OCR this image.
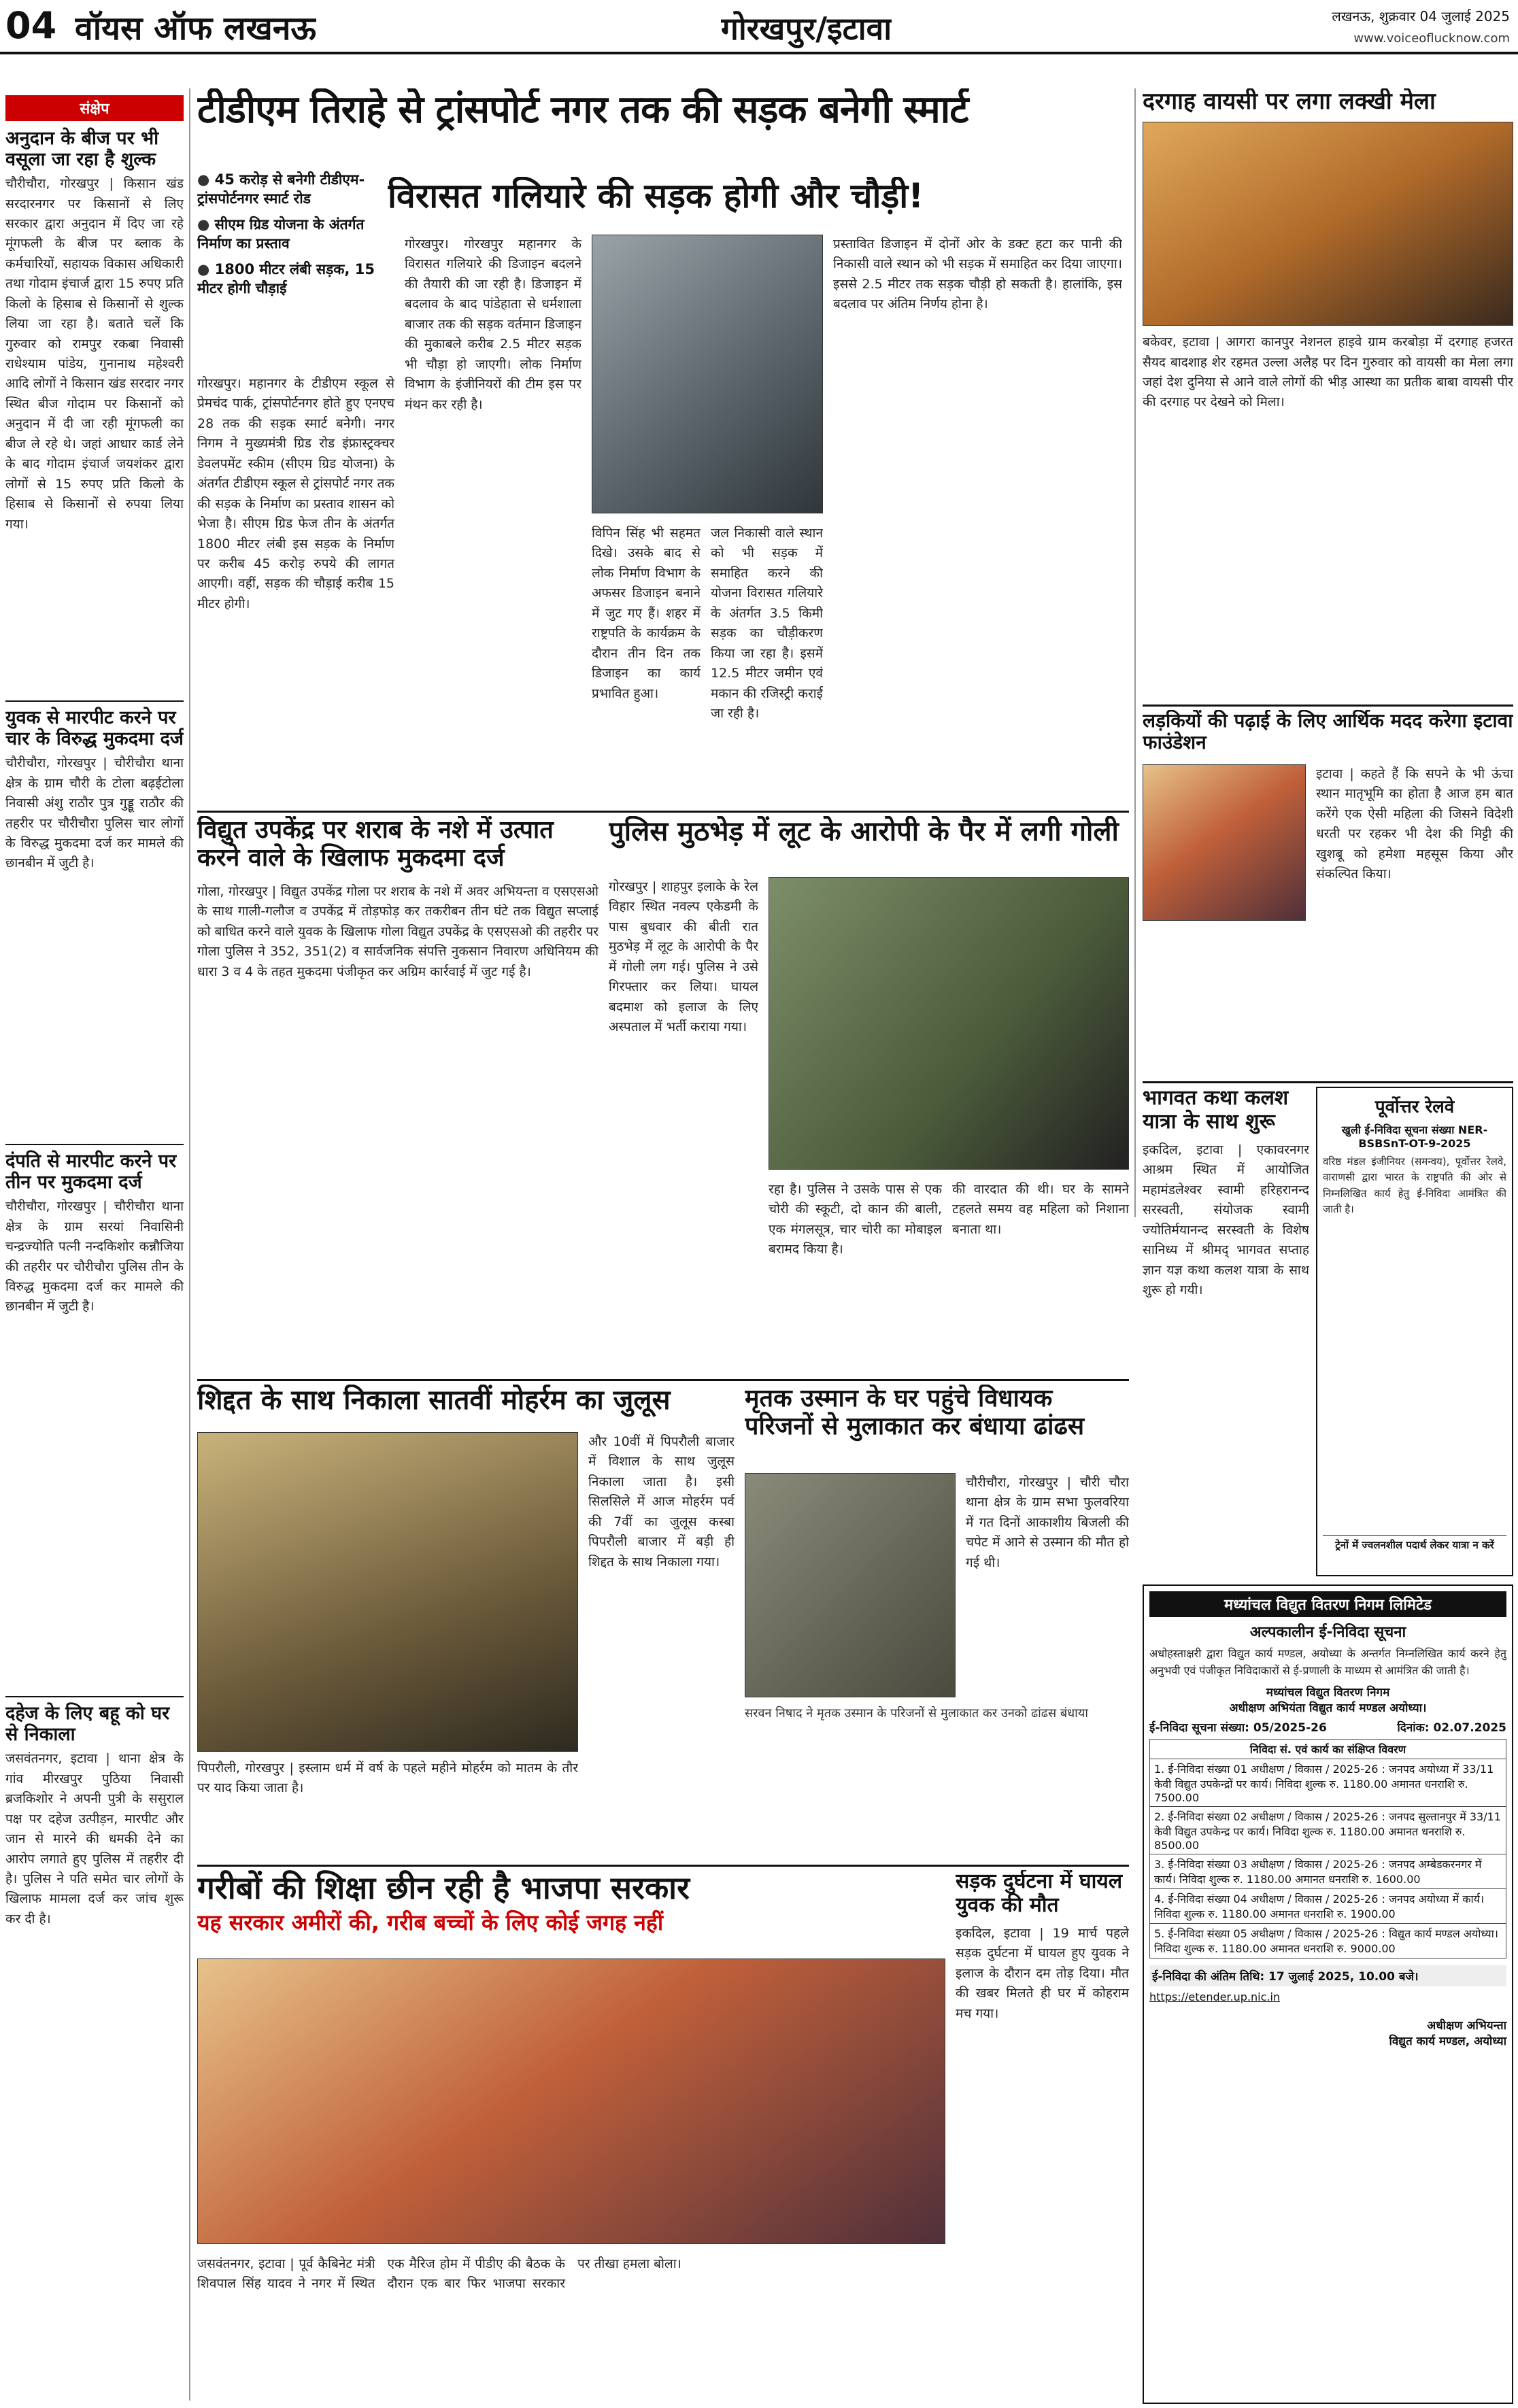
04 वॉयस ऑफ लखनऊ	गोरखपुर/इटावा	लखनऊ, शुक्रवार 04 जुलाई 2025
www.voiceoflucknow.com
संक्षेप
अनुदान के बीज पर भी वसूला जा रहा है शुल्क
चौरीचौरा, गोरखपुर | किसान खंड सरदारनगर पर किसानों से लिए सरकार द्वारा अनुदान में दिए जा रहे मूंगफली के बीज पर ब्लाक के कर्मचारियों, सहायक विकास अधिकारी तथा गोदाम इंचार्ज द्वारा 15 रुपए प्रति किलो के हिसाब से किसानों से शुल्क लिया जा रहा है। बताते चलें कि गुरुवार को रामपुर रकबा निवासी राधेश्याम पांडेय, गुनानाथ महेश्वरी आदि लोगों ने किसान खंड सरदार नगर स्थित बीज गोदाम पर किसानों को अनुदान में दी जा रही मूंगफली का बीज ले रहे थे। जहां आधार कार्ड लेने के बाद गोदाम इंचार्ज जयशंकर द्वारा लोगों से 15 रुपए प्रति किलो के हिसाब से किसानों से रुपया लिया गया।
युवक से मारपीट करने पर चार के विरुद्ध मुकदमा दर्ज
चौरीचौरा, गोरखपुर | चौरीचौरा थाना क्षेत्र के ग्राम चौरी के टोला बढ़ईटोला निवासी अंशु राठौर पुत्र गुड्डू राठौर की तहरीर पर चौरीचौरा पुलिस चार लोगों के विरुद्ध मुकदमा दर्ज कर मामले की छानबीन में जुटी है।
दंपति से मारपीट करने पर तीन पर मुकदमा दर्ज
चौरीचौरा, गोरखपुर | चौरीचौरा थाना क्षेत्र के ग्राम सरयां निवासिनी चन्द्रज्योति पत्नी नन्दकिशोर कन्नौजिया की तहरीर पर चौरीचौरा पुलिस तीन के विरुद्ध मुकदमा दर्ज कर मामले की छानबीन में जुटी है।
दहेज के लिए बहू को घर से निकाला
जसवंतनगर, इटावा | थाना क्षेत्र के गांव मीरखपुर पुठिया निवासी ब्रजकिशोर ने अपनी पुत्री के ससुराल पक्ष पर दहेज उत्पीड़न, मारपीट और जान से मारने की धमकी देने का आरोप लगाते हुए पुलिस में तहरीर दी है। पुलिस ने पति समेत चार लोगों के खिलाफ मामला दर्ज कर जांच शुरू कर दी है।
टीडीएम तिराहे से ट्रांसपोर्ट नगर तक की सड़क बनेगी स्मार्ट
● 45 करोड़ से बनेगी टीडीएम-ट्रांसपोर्टनगर स्मार्ट रोड
● सीएम ग्रिड योजना के अंतर्गत निर्माण का प्रस्ताव
● 1800 मीटर लंबी सड़क, 15 मीटर होगी चौड़ाई
विरासत गलियारे की सड़क होगी और चौड़ी!
गोरखपुर। महानगर के टीडीएम स्कूल से प्रेमचंद पार्क, ट्रांसपोर्टनगर होते हुए एनएच 28 तक की सड़क स्मार्ट बनेगी। नगर निगम ने मुख्यमंत्री ग्रिड रोड इंफ्रास्ट्रक्चर डेवलपमेंट स्कीम (सीएम ग्रिड योजना) के अंतर्गत टीडीएम स्कूल से ट्रांसपोर्ट नगर तक की सड़क के निर्माण का प्रस्ताव शासन को भेजा है। सीएम ग्रिड फेज तीन के अंतर्गत 1800 मीटर लंबी इस सड़क के निर्माण पर करीब 45 करोड़ रुपये की लागत आएगी। वहीं, सड़क की चौड़ाई करीब 15 मीटर होगी।
गोरखपुर। गोरखपुर महानगर के विरासत गलियारे की डिजाइन बदलने की तैयारी की जा रही है। डिजाइन में बदलाव के बाद पांडेहाता से धर्मशाला बाजार तक की सड़क वर्तमान डिजाइन की मुकाबले करीब 2.5 मीटर सड़क भी चौड़ा हो जाएगी। लोक निर्माण विभाग के इंजीनियरों की टीम इस पर मंथन कर रही है।
विपिन सिंह भी सहमत दिखे। उसके बाद से लोक निर्माण विभाग के अफसर डिजाइन बनाने में जुट गए हैं। शहर में राष्ट्रपति के कार्यक्रम के दौरान तीन दिन तक डिजाइन का कार्य प्रभावित हुआ।
जल निकासी वाले स्थान को भी सड़क में समाहित करने की योजना विरासत गलियारे के अंतर्गत 3.5 किमी सड़क का चौड़ीकरण किया जा रहा है। इसमें 12.5 मीटर जमीन एवं मकान की रजिस्ट्री कराई जा रही है।
प्रस्तावित डिजाइन में दोनों ओर के डक्ट हटा कर पानी की निकासी वाले स्थान को भी सड़क में समाहित कर दिया जाएगा। इससे 2.5 मीटर तक सड़क चौड़ी हो सकती है। हालांकि, इस बदलाव पर अंतिम निर्णय होना है।
विद्युत उपकेंद्र पर शराब के नशे में उत्पात करने वाले के खिलाफ मुकदमा दर्ज
गोला, गोरखपुर | विद्युत उपकेंद्र गोला पर शराब के नशे में अवर अभियन्ता व एसएसओ के साथ गाली-गलौज व उपकेंद्र में तोड़फोड़ कर तकरीबन तीन घंटे तक विद्युत सप्लाई को बाधित करने वाले युवक के खिलाफ गोला विद्युत उपकेंद्र के एसएसओ की तहरीर पर गोला पुलिस ने 352, 351(2) व सार्वजनिक संपत्ति नुकसान निवारण अधिनियम की धारा 3 व 4 के तहत मुकदमा पंजीकृत कर अग्रिम कार्रवाई में जुट गई है।
पुलिस मुठभेड़ में लूट के आरोपी के पैर में लगी गोली
गोरखपुर | शाहपुर इलाके के रेल विहार स्थित नवल्प एकेडमी के पास बुधवार की बीती रात मुठभेड़ में लूट के आरोपी के पैर में गोली लग गई। पुलिस ने उसे गिरफ्तार कर लिया। घायल बदमाश को इलाज के लिए अस्पताल में भर्ती कराया गया।
रहा है। पुलिस ने उसके पास से एक चोरी की स्कूटी, दो कान की बाली, एक मंगलसूत्र, चार चोरी का मोबाइल बरामद किया है।
की वारदात की थी। घर के सामने टहलते समय वह महिला को निशाना बनाता था।
शिद्दत के साथ निकाला सातवीं मोहर्रम का जुलूस
पिपरौली, गोरखपुर | इस्लाम धर्म में वर्ष के पहले महीने मोहर्रम को मातम के तौर पर याद किया जाता है।
और 10वीं में पिपरौली बाजार में विशाल के साथ जुलूस निकाला जाता है। इसी सिलसिले में आज मोहर्रम पर्व की 7वीं का जुलूस कस्बा पिपरौली बाजार में बड़ी ही शिद्दत के साथ निकाला गया।
मृतक उस्मान के घर पहुंचे विधायक परिजनों से मुलाकात कर बंधाया ढांढस
चौरीचौरा, गोरखपुर | चौरी चौरा थाना क्षेत्र के ग्राम सभा फुलवरिया में गत दिनों आकाशीय बिजली की चपेट में आने से उस्मान की मौत हो गई थी।
सरवन निषाद ने मृतक उस्मान के परिजनों से मुलाकात कर उनको ढांढस बंधाया
गरीबों की शिक्षा छीन रही है भाजपा सरकार
यह सरकार अमीरों की, गरीब बच्चों के लिए कोई जगह नहीं
जसवंतनगर, इटावा | पूर्व कैबिनेट मंत्री शिवपाल सिंह यादव ने नगर में स्थित एक मैरिज होम में पीडीए की बैठक के दौरान एक बार फिर भाजपा सरकार पर तीखा हमला बोला।
सड़क दुर्घटना में घायल युवक की मौत
इकदिल, इटावा | 19 मार्च पहले सड़क दुर्घटना में घायल हुए युवक ने इलाज के दौरान दम तोड़ दिया। मौत की खबर मिलते ही घर में कोहराम मच गया।
दरगाह वायसी पर लगा लक्खी मेला
बकेवर, इटावा | आगरा कानपुर नेशनल हाइवे ग्राम करबोड़ा में दरगाह हजरत सैयद बादशाह शेर रहमत उल्ला अलैह पर दिन गुरुवार को वायसी का मेला लगा जहां देश दुनिया से आने वाले लोगों की भीड़ आस्था का प्रतीक बाबा वायसी पीर की दरगाह पर देखने को मिला।
लड़कियों की पढ़ाई के लिए आर्थिक मदद करेगा इटावा फाउंडेशन
इटावा | कहते हैं कि सपने के भी ऊंचा स्थान मातृभूमि का होता है आज हम बात करेंगे एक ऐसी महिला की जिसने विदेशी धरती पर रहकर भी देश की मिट्टी की खुशबू को हमेशा महसूस किया और संकल्पित किया।
भागवत कथा कलश यात्रा के साथ शुरू
इकदिल, इटावा | एकावरनगर आश्रम स्थित में आयोजित महामंडलेश्वर स्वामी हरिहरानन्द सरस्वती, संयोजक स्वामी ज्योतिर्मयानन्द सरस्वती के विशेष सानिध्य में श्रीमद् भागवत सप्ताह ज्ञान यज्ञ कथा कलश यात्रा के साथ शुरू हो गयी।
पूर्वोत्तर रेलवे
खुली ई-निविदा सूचना संख्या NER-BSBSnT-OT-9-2025
वरिष्ठ मंडल इंजीनियर (समन्वय), पूर्वोत्तर रेलवे, वाराणसी द्वारा भारत के राष्ट्रपति की ओर से निम्नलिखित कार्य हेतु ई-निविदा आमंत्रित की जाती है।
ट्रेनों में ज्वलनशील पदार्थ लेकर यात्रा न करें
मध्यांचल विद्युत वितरण निगम लिमिटेड
अल्पकालीन ई-निविदा सूचना
अधोहस्ताक्षरी द्वारा विद्युत कार्य मण्डल, अयोध्या के अन्तर्गत निम्नलिखित कार्य करने हेतु अनुभवी एवं पंजीकृत निविदाकारों से ई-प्रणाली के माध्यम से आमंत्रित की जाती है।
मध्यांचल विद्युत वितरण निगम
अधीक्षण अभियंता विद्युत कार्य मण्डल अयोध्या।
ई-निविदा सूचना संख्या: 05/2025-26	दिनांक: 02.07.2025
निविदा सं. एवं कार्य का संक्षिप्त विवरण
1. ई-निविदा संख्या 01 अधीक्षण / विकास / 2025-26 : जनपद अयोध्या में 33/11 केवी विद्युत उपकेन्द्रों पर कार्य। निविदा शुल्क रु. 1180.00 अमानत धनराशि रु. 7500.00
2. ई-निविदा संख्या 02 अधीक्षण / विकास / 2025-26 : जनपद सुल्तानपुर में 33/11 केवी विद्युत उपकेन्द्र पर कार्य। निविदा शुल्क रु. 1180.00 अमानत धनराशि रु. 8500.00
3. ई-निविदा संख्या 03 अधीक्षण / विकास / 2025-26 : जनपद अम्बेडकरनगर में कार्य। निविदा शुल्क रु. 1180.00 अमानत धनराशि रु. 1600.00
4. ई-निविदा संख्या 04 अधीक्षण / विकास / 2025-26 : जनपद अयोध्या में कार्य। निविदा शुल्क रु. 1180.00 अमानत धनराशि रु. 1900.00
5. ई-निविदा संख्या 05 अधीक्षण / विकास / 2025-26 : विद्युत कार्य मण्डल अयोध्या। निविदा शुल्क रु. 1180.00 अमानत धनराशि रु. 9000.00
ई-निविदा की अंतिम तिथि: 17 जुलाई 2025, 10.00 बजे।
https://etender.up.nic.in
अधीक्षण अभियन्ता
विद्युत कार्य मण्डल, अयोध्या
